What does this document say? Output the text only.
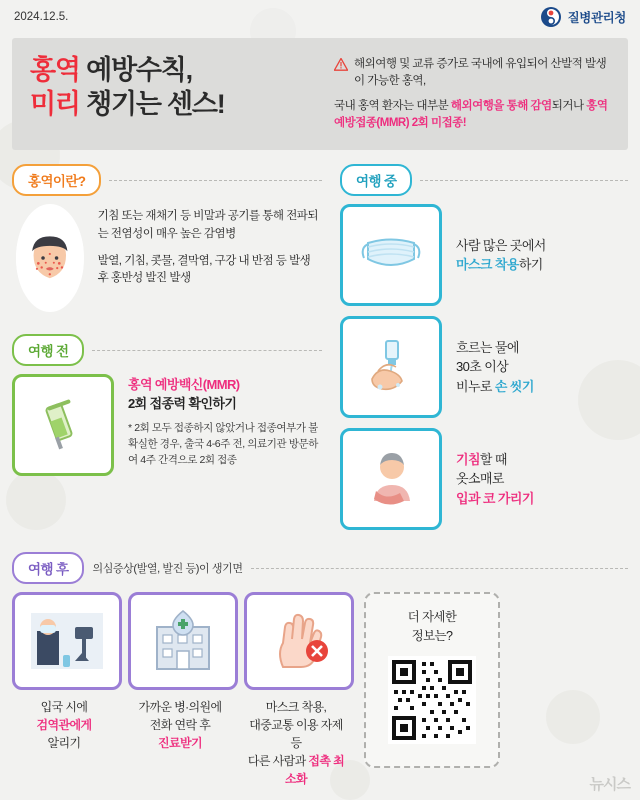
2024.12.5.	질병관리청
홍역 예방수칙,
미리 챙기는 센스!
해외여행 및 교류 증가로 국내에 유입되어 산발적 발생이 가능한 홍역,
국내 홍역 환자는 대부분 해외여행을 통해 감염되거나 홍역 예방접종(MMR) 2회 미접종!
홍역이란?
기침 또는 재채기 등 비말과 공기를 통해 전파되는 전염성이 매우 높은 감염병
발열, 기침, 콧물, 결막염, 구강 내 반점 등 발생 후 홍반성 발진 발생
여행 전
홍역 예방백신(MMR)
2회 접종력 확인하기
* 2회 모두 접종하지 않았거나 접종여부가 불확실한 경우, 출국 4-6주 전, 의료기관 방문하여 4주 간격으로 2회 접종
여행 중
사람 많은 곳에서
마스크 착용하기
흐르는 물에
30초 이상
비누로 손 씻기
기침할 때
옷소매로
입과 코 가리기
여행 후	의심증상(발열, 발진 등)이 생기면
입국 시에
검역관에게
알리기
가까운 병·의원에
전화 연락 후
진료받기
마스크 착용,
대중교통 이용 자제 등
다른 사람과 접촉 최소화
더 자세한
정보는?
뉴시스
